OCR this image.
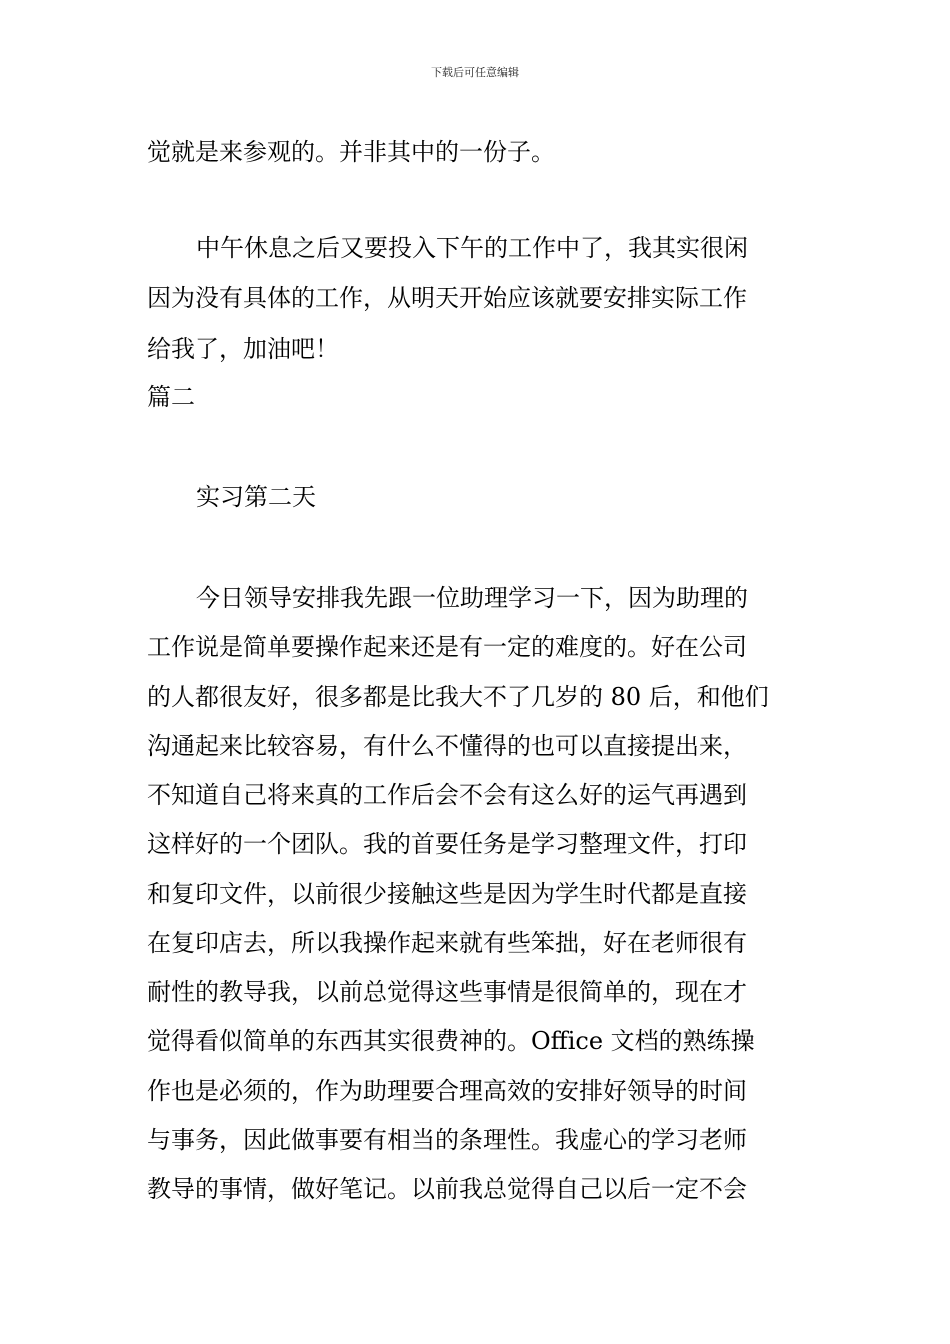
下载后可任意编辑
觉就是来参观的。并非其中的一份子。
中午休息之后又要投入下午的工作中了，我其实很闲
因为没有具体的工作，从明天开始应该就要安排实际工作
给我了，加油吧！
篇二
实习第二天
今日领导安排我先跟一位助理学习一下，因为助理的
工作说是简单要操作起来还是有一定的难度的。好在公司
的人都很友好，很多都是比我大不了几岁的 80 后，和他们
沟通起来比较容易，有什么不懂得的也可以直接提出来，
不知道自己将来真的工作后会不会有这么好的运气再遇到
这样好的一个团队。我的首要任务是学习整理文件，打印
和复印文件，以前很少接触这些是因为学生时代都是直接
在复印店去，所以我操作起来就有些笨拙，好在老师很有
耐性的教导我，以前总觉得这些事情是很简单的，现在才
觉得看似简单的东西其实很费神的。Office 文档的熟练操
作也是必须的，作为助理要合理高效的安排好领导的时间
与事务，因此做事要有相当的条理性。我虚心的学习老师
教导的事情，做好笔记。以前我总觉得自己以后一定不会
